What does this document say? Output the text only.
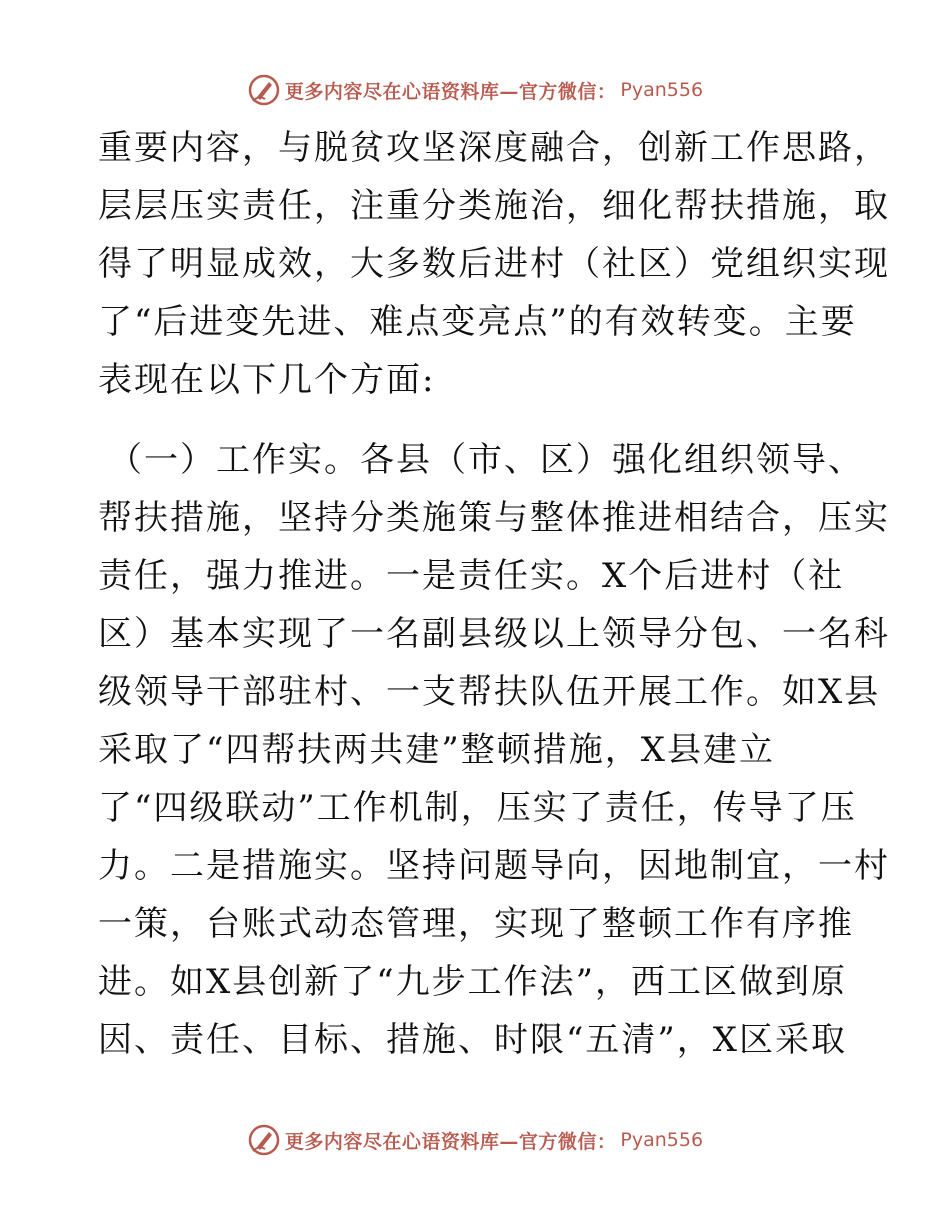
更多内容尽在心语资料库—官方微信： Pyan556
重要内容，与脱贫攻坚深度融合，创新工作思路，
层层压实责任，注重分类施治，细化帮扶措施，取
得了明显成效，大多数后进村（社区）党组织实现
了“后进变先进、难点变亮点”的有效转变。主要
表现在以下几个方面:
（一）工作实。各县（市、区）强化组织领导、
帮扶措施，坚持分类施策与整体推进相结合，压实
责任，强力推进。一是责任实。X个后进村（社
区）基本实现了一名副县级以上领导分包、一名科
级领导干部驻村、一支帮扶队伍开展工作。如X县
采取了“四帮扶两共建”整顿措施，X县建立
了“四级联动”工作机制，压实了责任，传导了压
力。二是措施实。坚持问题导向，因地制宜，一村
一策，台账式动态管理，实现了整顿工作有序推
进。如X县创新了“九步工作法”，西工区做到原
因、责任、目标、措施、时限“五清”，X区采取
更多内容尽在心语资料库—官方微信： Pyan556
